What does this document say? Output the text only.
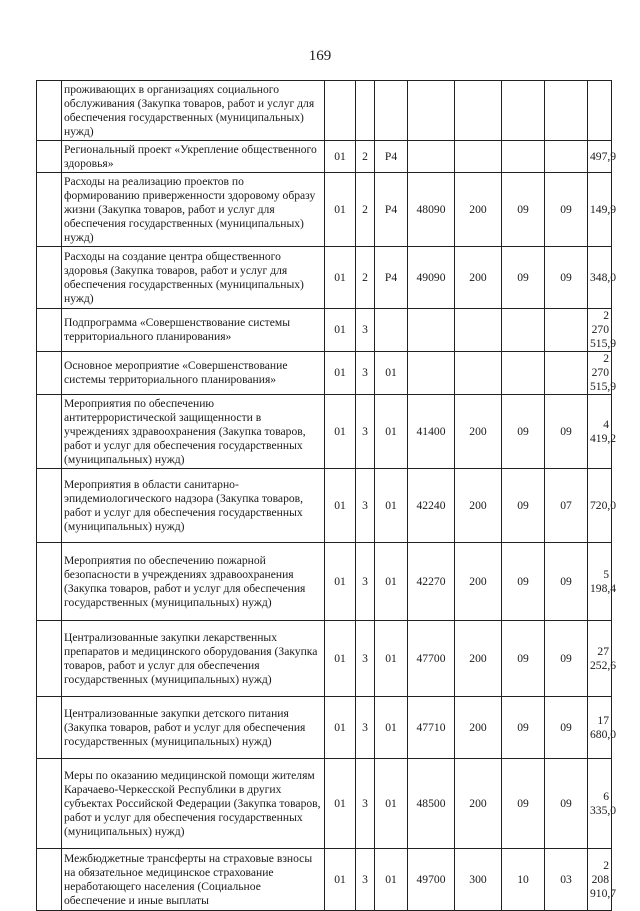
169
	проживающих в организациях социального обслуживания (Закупка товаров, работ и услуг для обеспечения государственных (муниципальных) нужд)								
	Региональный проект «Укрепление общественного здоровья»	01	2	P4					497,9
	Расходы на реализацию проектов по формированию приверженности здоровому образу жизни (Закупка товаров, работ и услуг для обеспечения государственных (муниципальных) нужд)	01	2	P4	48090	200	09	09	149,9
	Расходы на создание центра общественного здоровья (Закупка товаров, работ и услуг для обеспечения государственных (муниципальных) нужд)	01	2	P4	49090	200	09	09	348,0
	Подпрограмма «Совершенствование системы территориального планирования»	01	3						2 270 515,9
	Основное мероприятие «Совершенствование системы территориального планирования»	01	3	01					2 270 515,9
	Мероприятия по обеспечению антитеррористической защищенности в учреждениях здравоохранения (Закупка товаров, работ и услуг для обеспечения государственных (муниципальных) нужд)	01	3	01	41400	200	09	09	4 419,2
	Мероприятия в области санитарно-эпидемиологического надзора (Закупка товаров, работ и услуг для обеспечения государственных (муниципальных) нужд)	01	3	01	42240	200	09	07	720,0
	Мероприятия по обеспечению пожарной безопасности в учреждениях здравоохранения (Закупка товаров, работ и услуг для обеспечения государственных (муниципальных) нужд)	01	3	01	42270	200	09	09	5 198,4
	Централизованные закупки лекарственных препаратов и медицинского оборудования (Закупка товаров, работ и услуг для обеспечения государственных (муниципальных) нужд)	01	3	01	47700	200	09	09	27 252,6
	Централизованные закупки детского питания (Закупка товаров, работ и услуг для обеспечения государственных (муниципальных) нужд)	01	3	01	47710	200	09	09	17 680,0
	Меры по оказанию медицинской помощи жителям Карачаево-Черкесской Республики в других субъектах Российской Федерации (Закупка товаров, работ и услуг для обеспечения государственных (муниципальных) нужд)	01	3	01	48500	200	09	09	6 335,0
	Межбюджетные трансферты на страховые взносы на обязательное медицинское страхование неработающего населения (Социальное обеспечение и иные выплаты	01	3	01	49700	300	10	03	2 208 910,7
